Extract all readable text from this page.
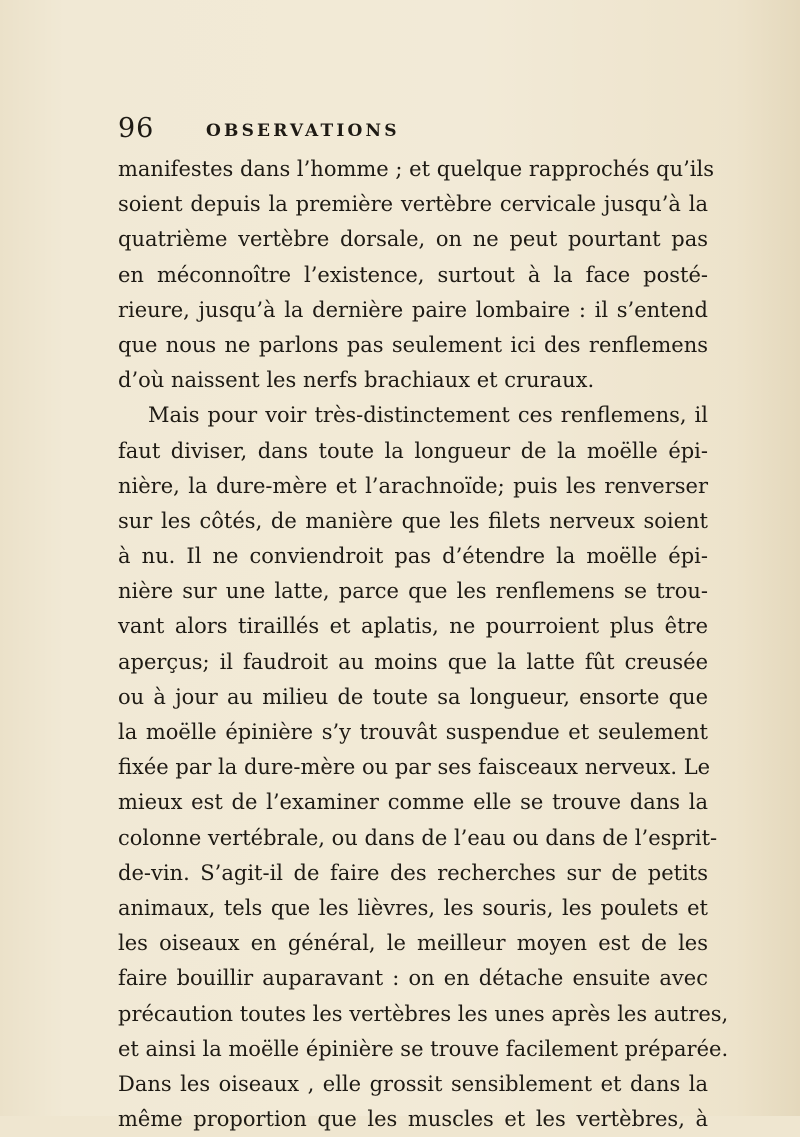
96	OBSERVATIONS
manifestes dans l’homme ; et quelque rapprochés qu’ils
soient depuis la première vertèbre cervicale jusqu’à la
quatrième vertèbre dorsale, on ne peut pourtant pas
en méconnoître l’existence, surtout à la face posté-
rieure, jusqu’à la dernière paire lombaire : il s’entend
que nous ne parlons pas seulement ici des renflemens
d’où naissent les nerfs brachiaux et cruraux.
Mais pour voir très-distinctement ces renflemens, il
faut diviser, dans toute la longueur de la moëlle épi-
nière, la dure-mère et l’arachnoïde; puis les renverser
sur les côtés, de manière que les filets nerveux soient
à nu. Il ne conviendroit pas d’étendre la moëlle épi-
nière sur une latte, parce que les renflemens se trou-
vant alors tiraillés et aplatis, ne pourroient plus être
aperçus; il faudroit au moins que la latte fût creusée
ou à jour au milieu de toute sa longueur, ensorte que
la moëlle épinière s’y trouvât suspendue et seulement
fixée par la dure-mère ou par ses faisceaux nerveux. Le
mieux est de l’examiner comme elle se trouve dans la
colonne vertébrale, ou dans de l’eau ou dans de l’esprit-
de-vin. S’agit-il de faire des recherches sur de petits
animaux, tels que les lièvres, les souris, les poulets et
les oiseaux en général, le meilleur moyen est de les
faire bouillir auparavant : on en détache ensuite avec
précaution toutes les vertèbres les unes après les autres,
et ainsi la moëlle épinière se trouve facilement préparée.
Dans les oiseaux , elle grossit sensiblement et dans la
même proportion que les muscles et les vertèbres, à
